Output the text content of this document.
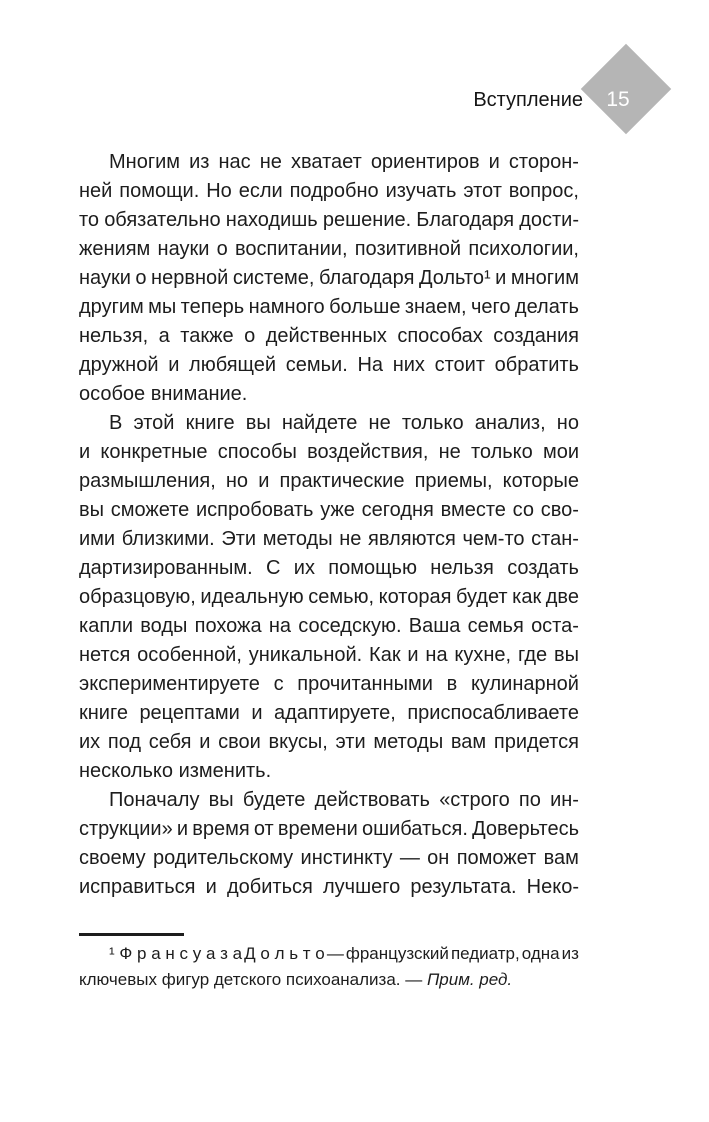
Вступление	15
Многим из нас не хватает ориентиров и сторон-
ней помощи. Но если подробно изучать этот вопрос,
то обязательно находишь решение. Благодаря дости-
жениям науки о воспитании, позитивной психологии,
науки о нервной системе, благодаря Дольто¹ и многим
другим мы теперь намного больше знаем, чего делать
нельзя, а также о действенных способах создания
дружной и любящей семьи. На них стоит обратить
особое внимание.
В этой книге вы найдете не только анализ, но
и конкретные способы воздействия, не только мои
размышления, но и практические приемы, которые
вы сможете испробовать уже сегодня вместе со сво-
ими близкими. Эти методы не являются чем-то стан-
дартизированным. С их помощью нельзя создать
образцовую, идеальную семью, которая будет как две
капли воды похожа на соседскую. Ваша семья оста-
нется особенной, уникальной. Как и на кухне, где вы
экспериментируете с прочитанными в кулинарной
книге рецептами и адаптируете, приспосабливаете
их под себя и свои вкусы, эти методы вам придется
несколько изменить.
Поначалу вы будете действовать «строго по ин-
струкции» и время от времени ошибаться. Доверьтесь
своему родительскому инстинкту — он поможет вам
исправиться и добиться лучшего результата. Неко-
¹ Ф р а н с у а з а Д о л ь т о — французский педиатр, одна из
ключевых фигур детского психоанализа. — Прим. ред.
